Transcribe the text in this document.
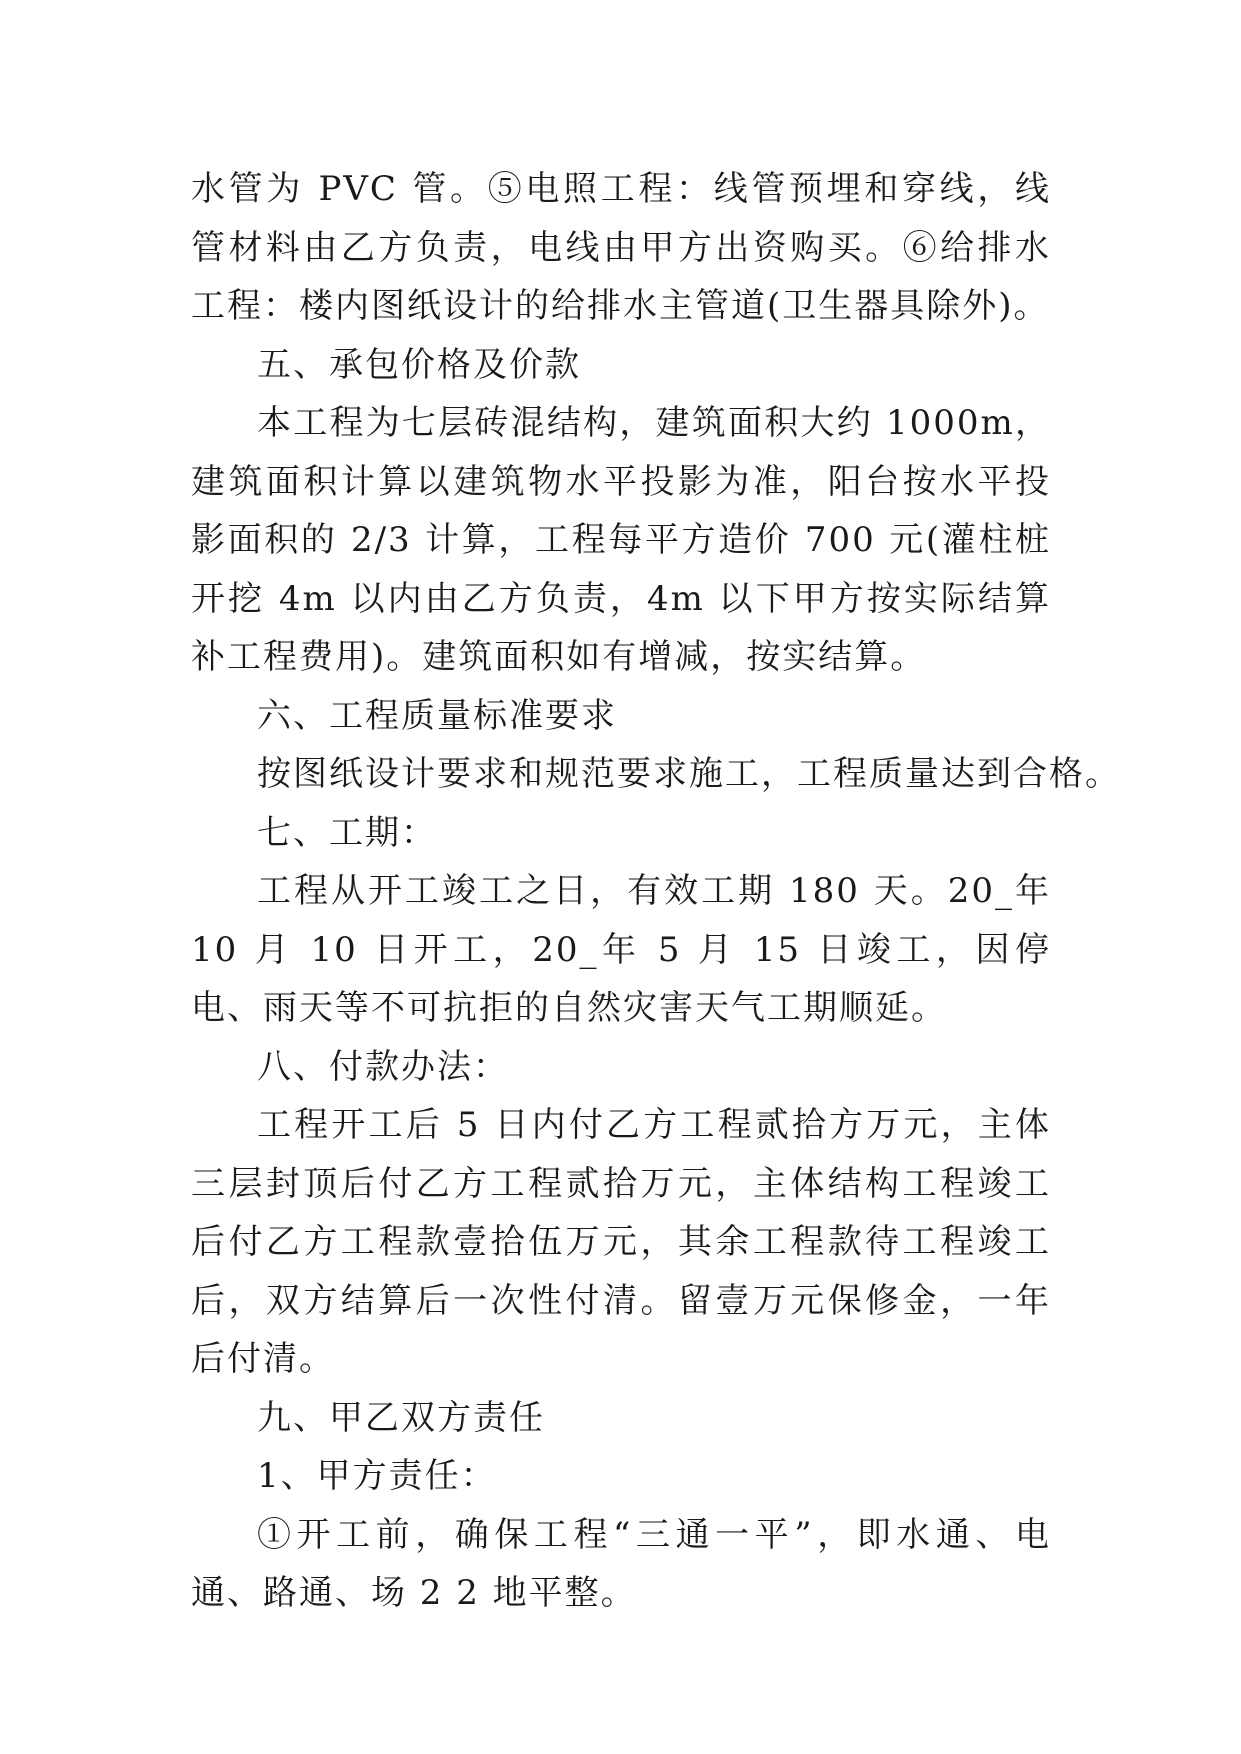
水管为 PVC 管。⑤电照工程：线管预埋和穿线，线管材料由乙方负责，电线由甲方出资购买。⑥给排水工程：楼内图纸设计的给排水主管道(卫生器具除外)。

五、承包价格及价款

本工程为七层砖混结构，建筑面积大约 1000m，建筑面积计算以建筑物水平投影为准，阳台按水平投影面积的 2/3 计算，工程每平方造价 700 元(灌柱桩开挖 4m 以内由乙方负责，4m 以下甲方按实际结算补工程费用)。建筑面积如有增减，按实结算。

六、工程质量标准要求

按图纸设计要求和规范要求施工，工程质量达到合格。

七、工期：

工程从开工竣工之日，有效工期 180 天。20_年 10 月 10 日开工，20_年 5 月 15 日竣工，因停电、雨天等不可抗拒的自然灾害天气工期顺延。

八、付款办法：

工程开工后 5 日内付乙方工程贰拾方万元，主体三层封顶后付乙方工程贰拾万元，主体结构工程竣工后付乙方工程款壹拾伍万元，其余工程款待工程竣工后，双方结算后一次性付清。留壹万元保修金，一年后付清。

九、甲乙双方责任

1、甲方责任：

①开工前，确保工程“三通一平”，即水通、电通、路通、场 2 2 地平整。
